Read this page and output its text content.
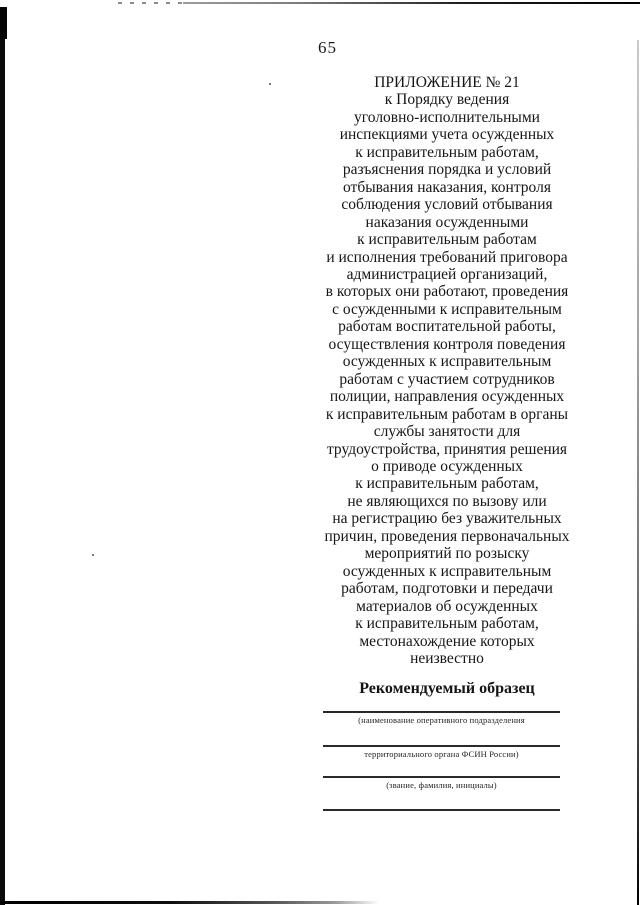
65
ПРИЛОЖЕНИЕ № 21
к Порядку ведения
уголовно-исполнительными
инспекциями учета осужденных
к исправительным работам,
разъяснения порядка и условий
отбывания наказания, контроля
соблюдения условий отбывания
наказания осужденными
к исправительным работам
и исполнения требований приговора
администрацией организаций,
в которых они работают, проведения
с осужденными к исправительным
работам воспитательной работы,
осуществления контроля поведения
осужденных к исправительным
работам с участием сотрудников
полиции, направления осужденных
к исправительным работам в органы
службы занятости для
трудоустройства, принятия решения
о приводе осужденных
к исправительным работам,
не являющихся по вызову или
на регистрацию без уважительных
причин, проведения первоначальных
мероприятий по розыску
осужденных к исправительным
работам, подготовки и передачи
материалов об осужденных
к исправительным работам,
местонахождение которых
неизвестно
Рекомендуемый образец
(наименование оперативного подразделения
территориального органа ФСИН России)
(звание, фамилия, инициалы)
